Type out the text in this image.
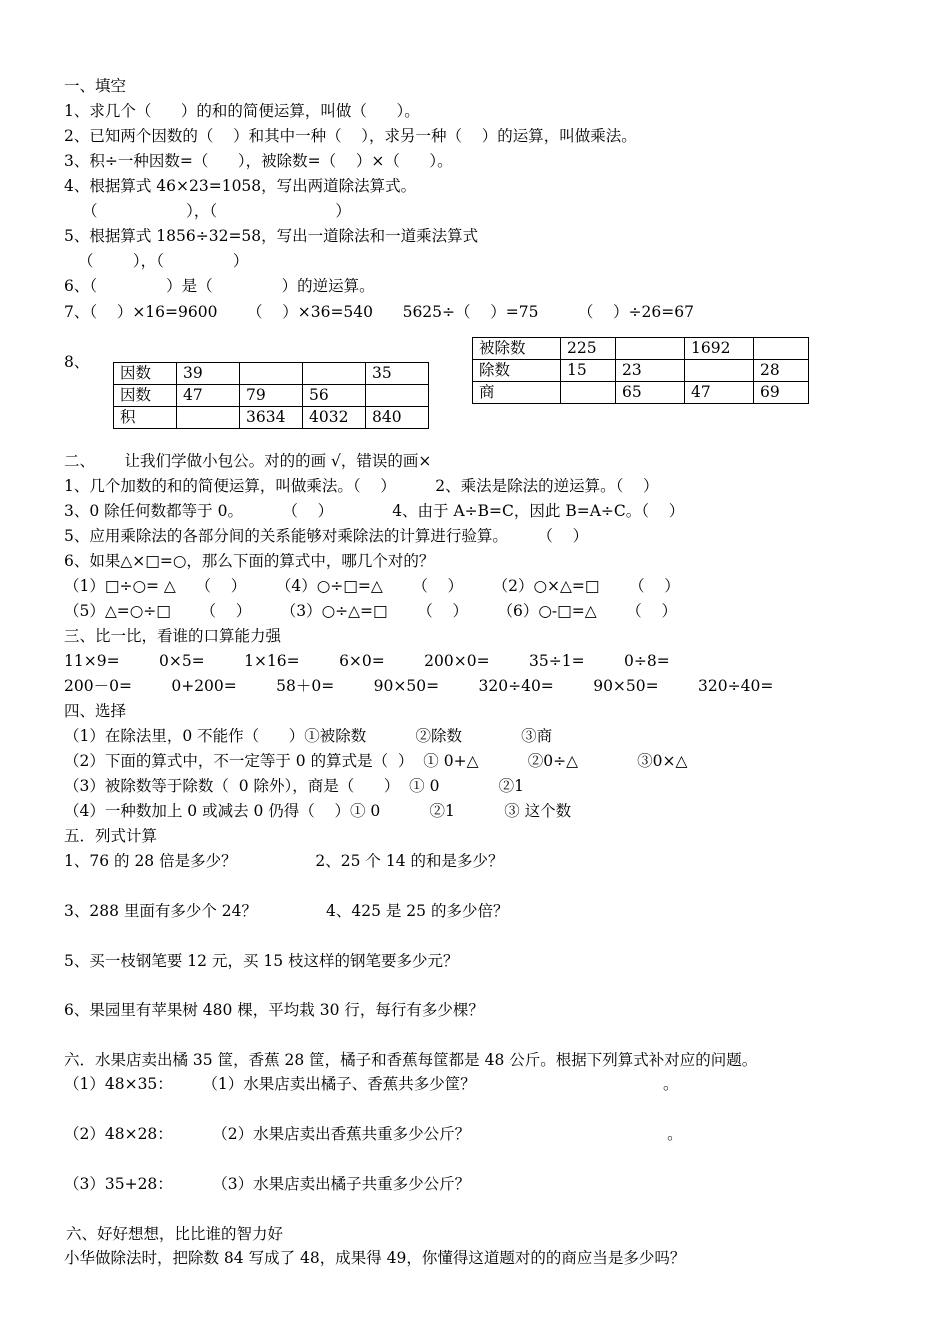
一、填空
1、求几个（      ）的和的简便运算，叫做（      ）。
2、已知两个因数的（    ）和其中一种（    ），求另一种（    ）的运算，叫做乘法。
3、积÷一种因数=（      ），被除数=（    ）×（      ）。
4、根据算式 46×23=1058，写出两道除法算式。
（                  ），（                        ）
5、根据算式 1856÷32=58，写出一道除法和一道乘法算式
（        ），（              ）
6、（              ）是（              ）的逆运算。
7、（    ）×16=9600      （    ）×36=540      5625÷（    ）=75        （    ）÷26=67
8、
因数	39			35
因数	47	79	56	
积		3634	4032	840
被除数	225		1692	
除数	15	23		28
商		65	47	69
二、      让我们学做小包公。对的的画 √，错误的画×
1、几个加数的和的简便运算，叫做乘法。（    ）        2、乘法是除法的逆运算。（    ）
3、0 除任何数都等于 0。        （    ）            4、由于 A÷B=C，因此 B=A÷C。（    ）
5、应用乘除法的各部分间的关系能够对乘除法的计算进行验算。      （    ）
6、如果△×□=○，那么下面的算式中，哪几个对的？
（1）□÷○= △    （    ）      （4）○÷□=△      （    ）      （2）○×△=□      （    ）
（5）△=○÷□      （    ）      （3）○÷△=□      （    ）      （6）○-□=△      （    ）
三、比一比，看谁的口算能力强
11×9=        0×5=        1×16=        6×0=        200×0=        35÷1=        0÷8=
200－0=        0+200=        58＋0=        90×50=        320÷40=        90×50=        320÷40=
四、选择
（1）在除法里，0 不能作（      ）①被除数          ②除数            ③商
（2）下面的算式中，不一定等于 0 的算式是（  ）  ① 0+△          ②0÷△            ③0×△
（3）被除数等于除数（  0 除外），商是（      ）  ① 0            ②1
（4）一种数加上 0 或减去 0 仍得（    ）① 0          ②1          ③ 这个数
五．列式计算
1、76 的 28 倍是多少？                2、25 个 14 的和是多少？
3、288 里面有多少个 24？              4、425 是 25 的多少倍？
5、买一枝钢笔要 12 元，买 15 枝这样的钢笔要多少元？
6、果园里有苹果树 480 棵，平均栽 30 行，每行有多少棵？
六．水果店卖出橘 35 筐，香蕉 28 筐，橘子和香蕉每筐都是 48 公斤。根据下列算式补对应的问题。
（1）48×35：      （1）水果店卖出橘子、香蕉共多少筐？                                      。
（2）48×28：        （2）水果店卖出香蕉共重多少公斤？                                        。
（3）35+28：        （3）水果店卖出橘子共重多少公斤？
六、好好想想，比比谁的智力好
小华做除法时，把除数 84 写成了 48，成果得 49，你懂得这道题对的的商应当是多少吗？
